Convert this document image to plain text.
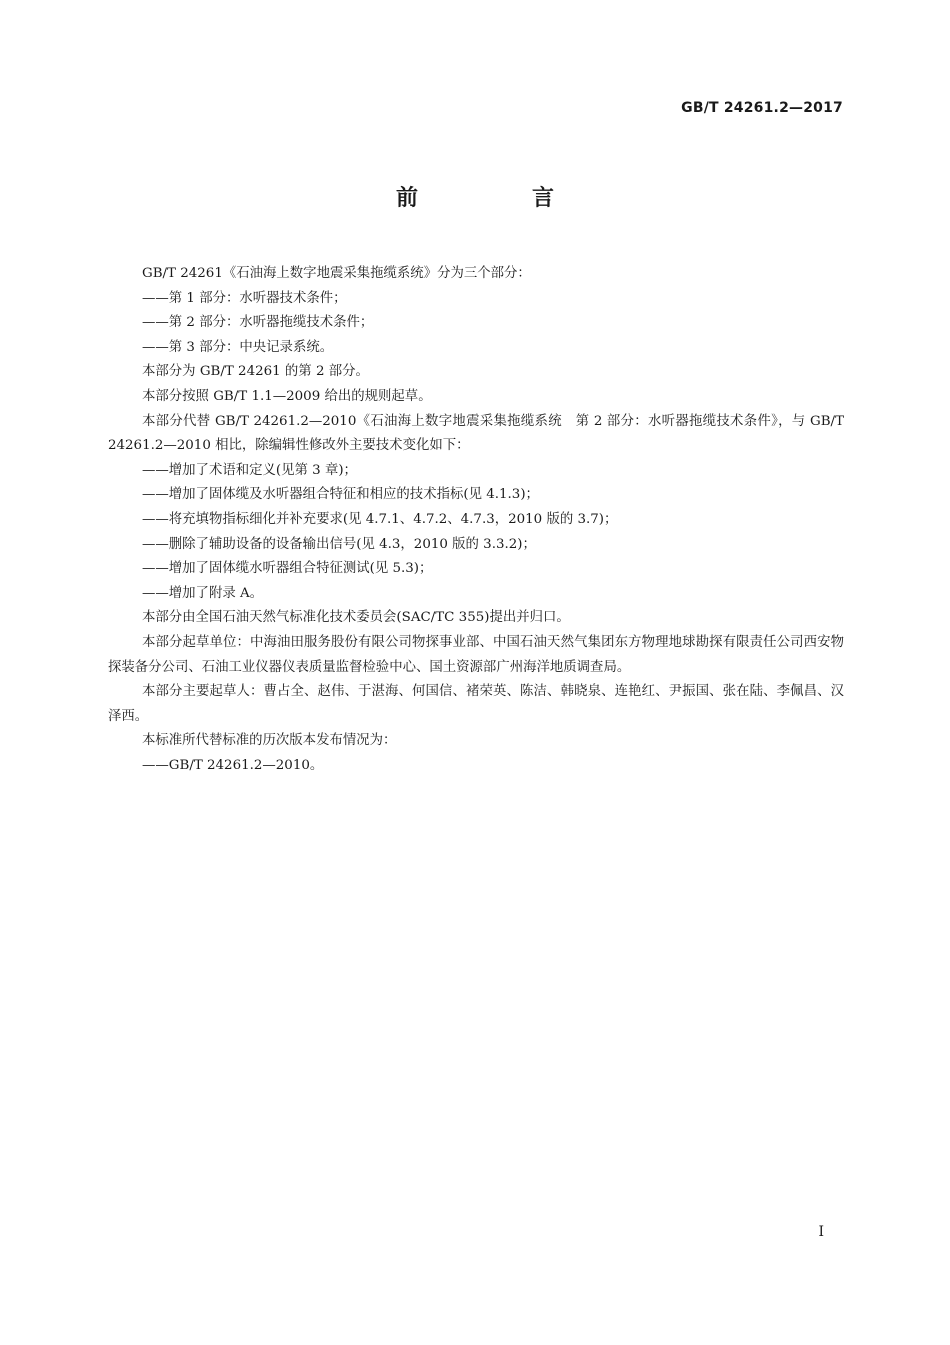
GB/T 24261.2—2017
前　言

GB/T 24261《石油海上数字地震采集拖缆系统》分为三个部分：

——第 1 部分：水听器技术条件；

——第 2 部分：水听器拖缆技术条件；

——第 3 部分：中央记录系统。

本部分为 GB/T 24261 的第 2 部分。

本部分按照 GB/T 1.1—2009 给出的规则起草。

本部分代替 GB/T 24261.2—2010《石油海上数字地震采集拖缆系统　第 2 部分：水听器拖缆技术条件》，与 GB/T 24261.2—2010 相比，除编辑性修改外主要技术变化如下：

——增加了术语和定义(见第 3 章)；

——增加了固体缆及水听器组合特征和相应的技术指标(见 4.1.3)；

——将充填物指标细化并补充要求(见 4.7.1、4.7.2、4.7.3，2010 版的 3.7)；

——删除了辅助设备的设备输出信号(见 4.3，2010 版的 3.3.2)；

——增加了固体缆水听器组合特征测试(见 5.3)；

——增加了附录 A。

本部分由全国石油天然气标准化技术委员会(SAC/TC 355)提出并归口。

本部分起草单位：中海油田服务股份有限公司物探事业部、中国石油天然气集团东方物理地球勘探有限责任公司西安物探装备分公司、石油工业仪器仪表质量监督检验中心、国土资源部广州海洋地质调查局。

本部分主要起草人：曹占全、赵伟、于湛海、何国信、褚荣英、陈洁、韩晓泉、连艳红、尹振国、张在陆、李佩昌、汉泽西。

本标准所代替标准的历次版本发布情况为：

——GB/T 24261.2—2010。

I
